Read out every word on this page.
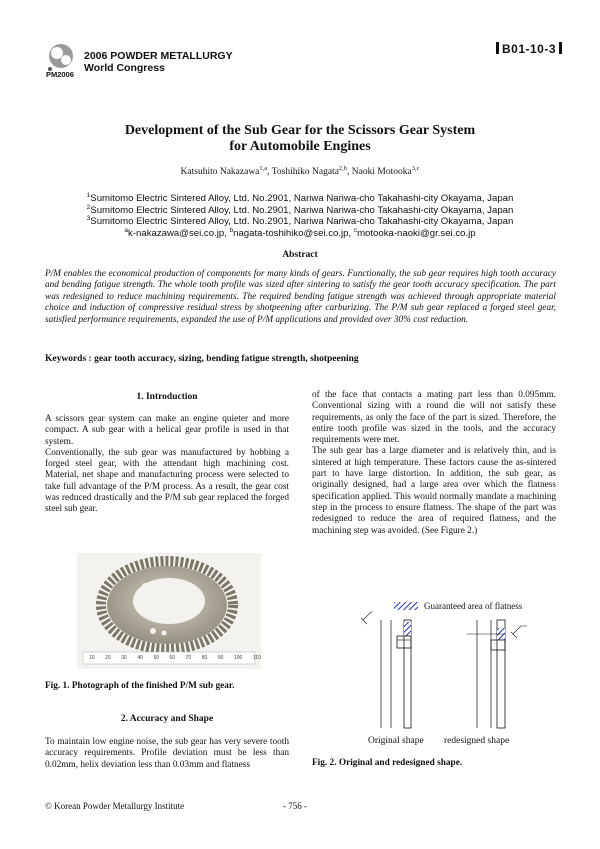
PM2006
2006 POWDER METALLURGY
World Congress
B01-10-3
Development of the Sub Gear for the Scissors Gear System
for Automobile Engines
Katsuhito Nakazawa$^{1,a}$, Toshihiko Nagata$^{2,b}$, Naoki Motooka$^{3,c}$
$^1$Sumitomo Electric Sintered Alloy, Ltd. No.2901, Nariwa Nariwa-cho Takahashi-city Okayama, Japan
$^2$Sumitomo Electric Sintered Alloy, Ltd. No.2901, Nariwa Nariwa-cho Takahashi-city Okayama, Japan
$^3$Sumitomo Electric Sintered Alloy, Ltd. No.2901, Nariwa Nariwa-cho Takahashi-city Okayama, Japan
$^a$k-nakazawa@sei.co.jp, $^b$nagata-toshihiko@sei.co.jp, $^c$motooka-naoki@gr.sei.co.jp
Abstract
P/M enables the economical production of components for many kinds of gears. Functionally, the sub gear requires high tooth accuracy and bending fatigue strength. The whole tooth profile was sized after sintering to satisfy the gear tooth accuracy specification. The part was redesigned to reduce machining requirements. The required bending fatigue strength was achieved through appropriate material choice and induction of compressive residual stress by shotpeening after carburizing. The P/M sub gear replaced a forged steel gear, satisfied performance requirements, expanded the use of P/M applications and provided over 30% cost reduction.
Keywords : gear tooth accuracy, sizing, bending fatigue strength, shotpeening
1. Introduction

A scissors gear system can make an engine quieter and more compact. A sub gear with a helical gear profile is used in that system.

Conventionally, the sub gear was manufactured by hobbing a forged steel gear, with the attendant high machining cost. Material, net shape and manufacturing process were selected to take full advantage of the P/M process. As a result, the gear cost was reduced drastically and the P/M sub gear replaced the forged steel sub gear.

10 20 30 40 50 60 70 80 90 100 110
Fig. 1. Photograph of the finished P/M sub gear.
2. Accuracy and Shape
To maintain low engine noise, the sub gear has very severe tooth accuracy requirements. Profile deviation must be less than 0.02mm, helix deviation less than 0.03mm and flatness

of the face that contacts a mating part less than 0.095mm. Conventional sizing with a round die will not satisfy these requirements, as only the face of the part is sized. Therefore, the entire tooth profile was sized in the tools, and the accuracy requirements were met.

The sub gear has a large diameter and is relatively thin, and is sintered at high temperature. These factors cause the as-sintered part to have large distortion. In addition, the sub gear, as originally designed, had a large area over which the flatness specification applied. This would normally mandate a machining step in the process to ensure flatness. The shape of the part was redesigned to reduce the area of required flatness, and the machining step was avoided. (See Figure 2.)

Guaranteed area of flatness
Original shape redesigned shape
Fig. 2. Original and redesigned shape.
© Korean Powder Metallurgy Institute	- 756 -
